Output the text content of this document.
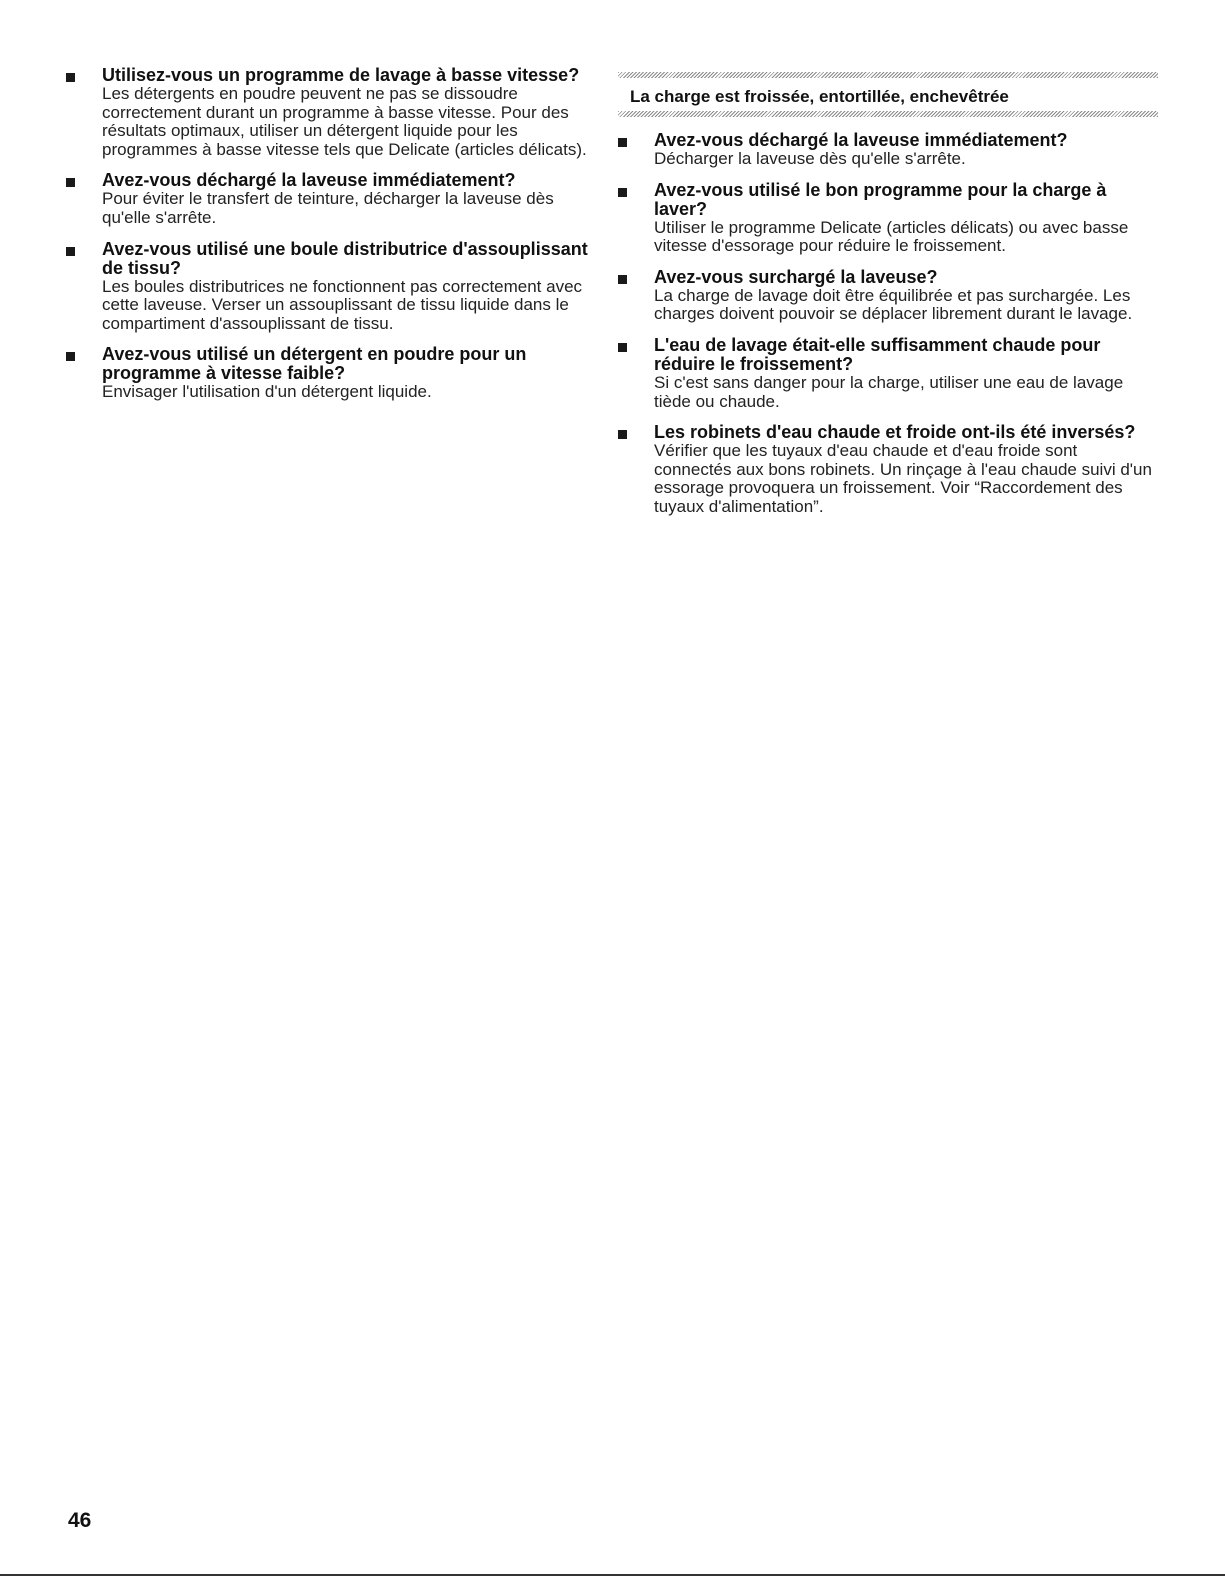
Utilisez-vous un programme de lavage à basse vitesse?
Les détergents en poudre peuvent ne pas se dissoudre correctement durant un programme à basse vitesse. Pour des résultats optimaux, utiliser un détergent liquide pour les programmes à basse vitesse tels que Delicate (articles délicats).
Avez-vous déchargé la laveuse immédiatement?
Pour éviter le transfert de teinture, décharger la laveuse dès qu'elle s'arrête.
Avez-vous utilisé une boule distributrice d'assouplissant de tissu?
Les boules distributrices ne fonctionnent pas correctement avec cette laveuse. Verser un assouplissant de tissu liquide dans le compartiment d'assouplissant de tissu.
Avez-vous utilisé un détergent en poudre pour un programme à vitesse faible?
Envisager l'utilisation d'un détergent liquide.
La charge est froissée, entortillée, enchevêtrée
Avez-vous déchargé la laveuse immédiatement?
Décharger la laveuse dès qu'elle s'arrête.
Avez-vous utilisé le bon programme pour la charge à laver?
Utiliser le programme Delicate (articles délicats) ou avec basse vitesse d'essorage pour réduire le froissement.
Avez-vous surchargé la laveuse?
La charge de lavage doit être équilibrée et pas surchargée. Les charges doivent pouvoir se déplacer librement durant le lavage.
L'eau de lavage était-elle suffisamment chaude pour réduire le froissement?
Si c'est sans danger pour la charge, utiliser une eau de lavage tiède ou chaude.
Les robinets d'eau chaude et froide ont-ils été inversés?
Vérifier que les tuyaux d'eau chaude et d'eau froide sont connectés aux bons robinets. Un rinçage à l'eau chaude suivi d'un essorage provoquera un froissement. Voir “Raccordement des tuyaux d'alimentation”.
46
